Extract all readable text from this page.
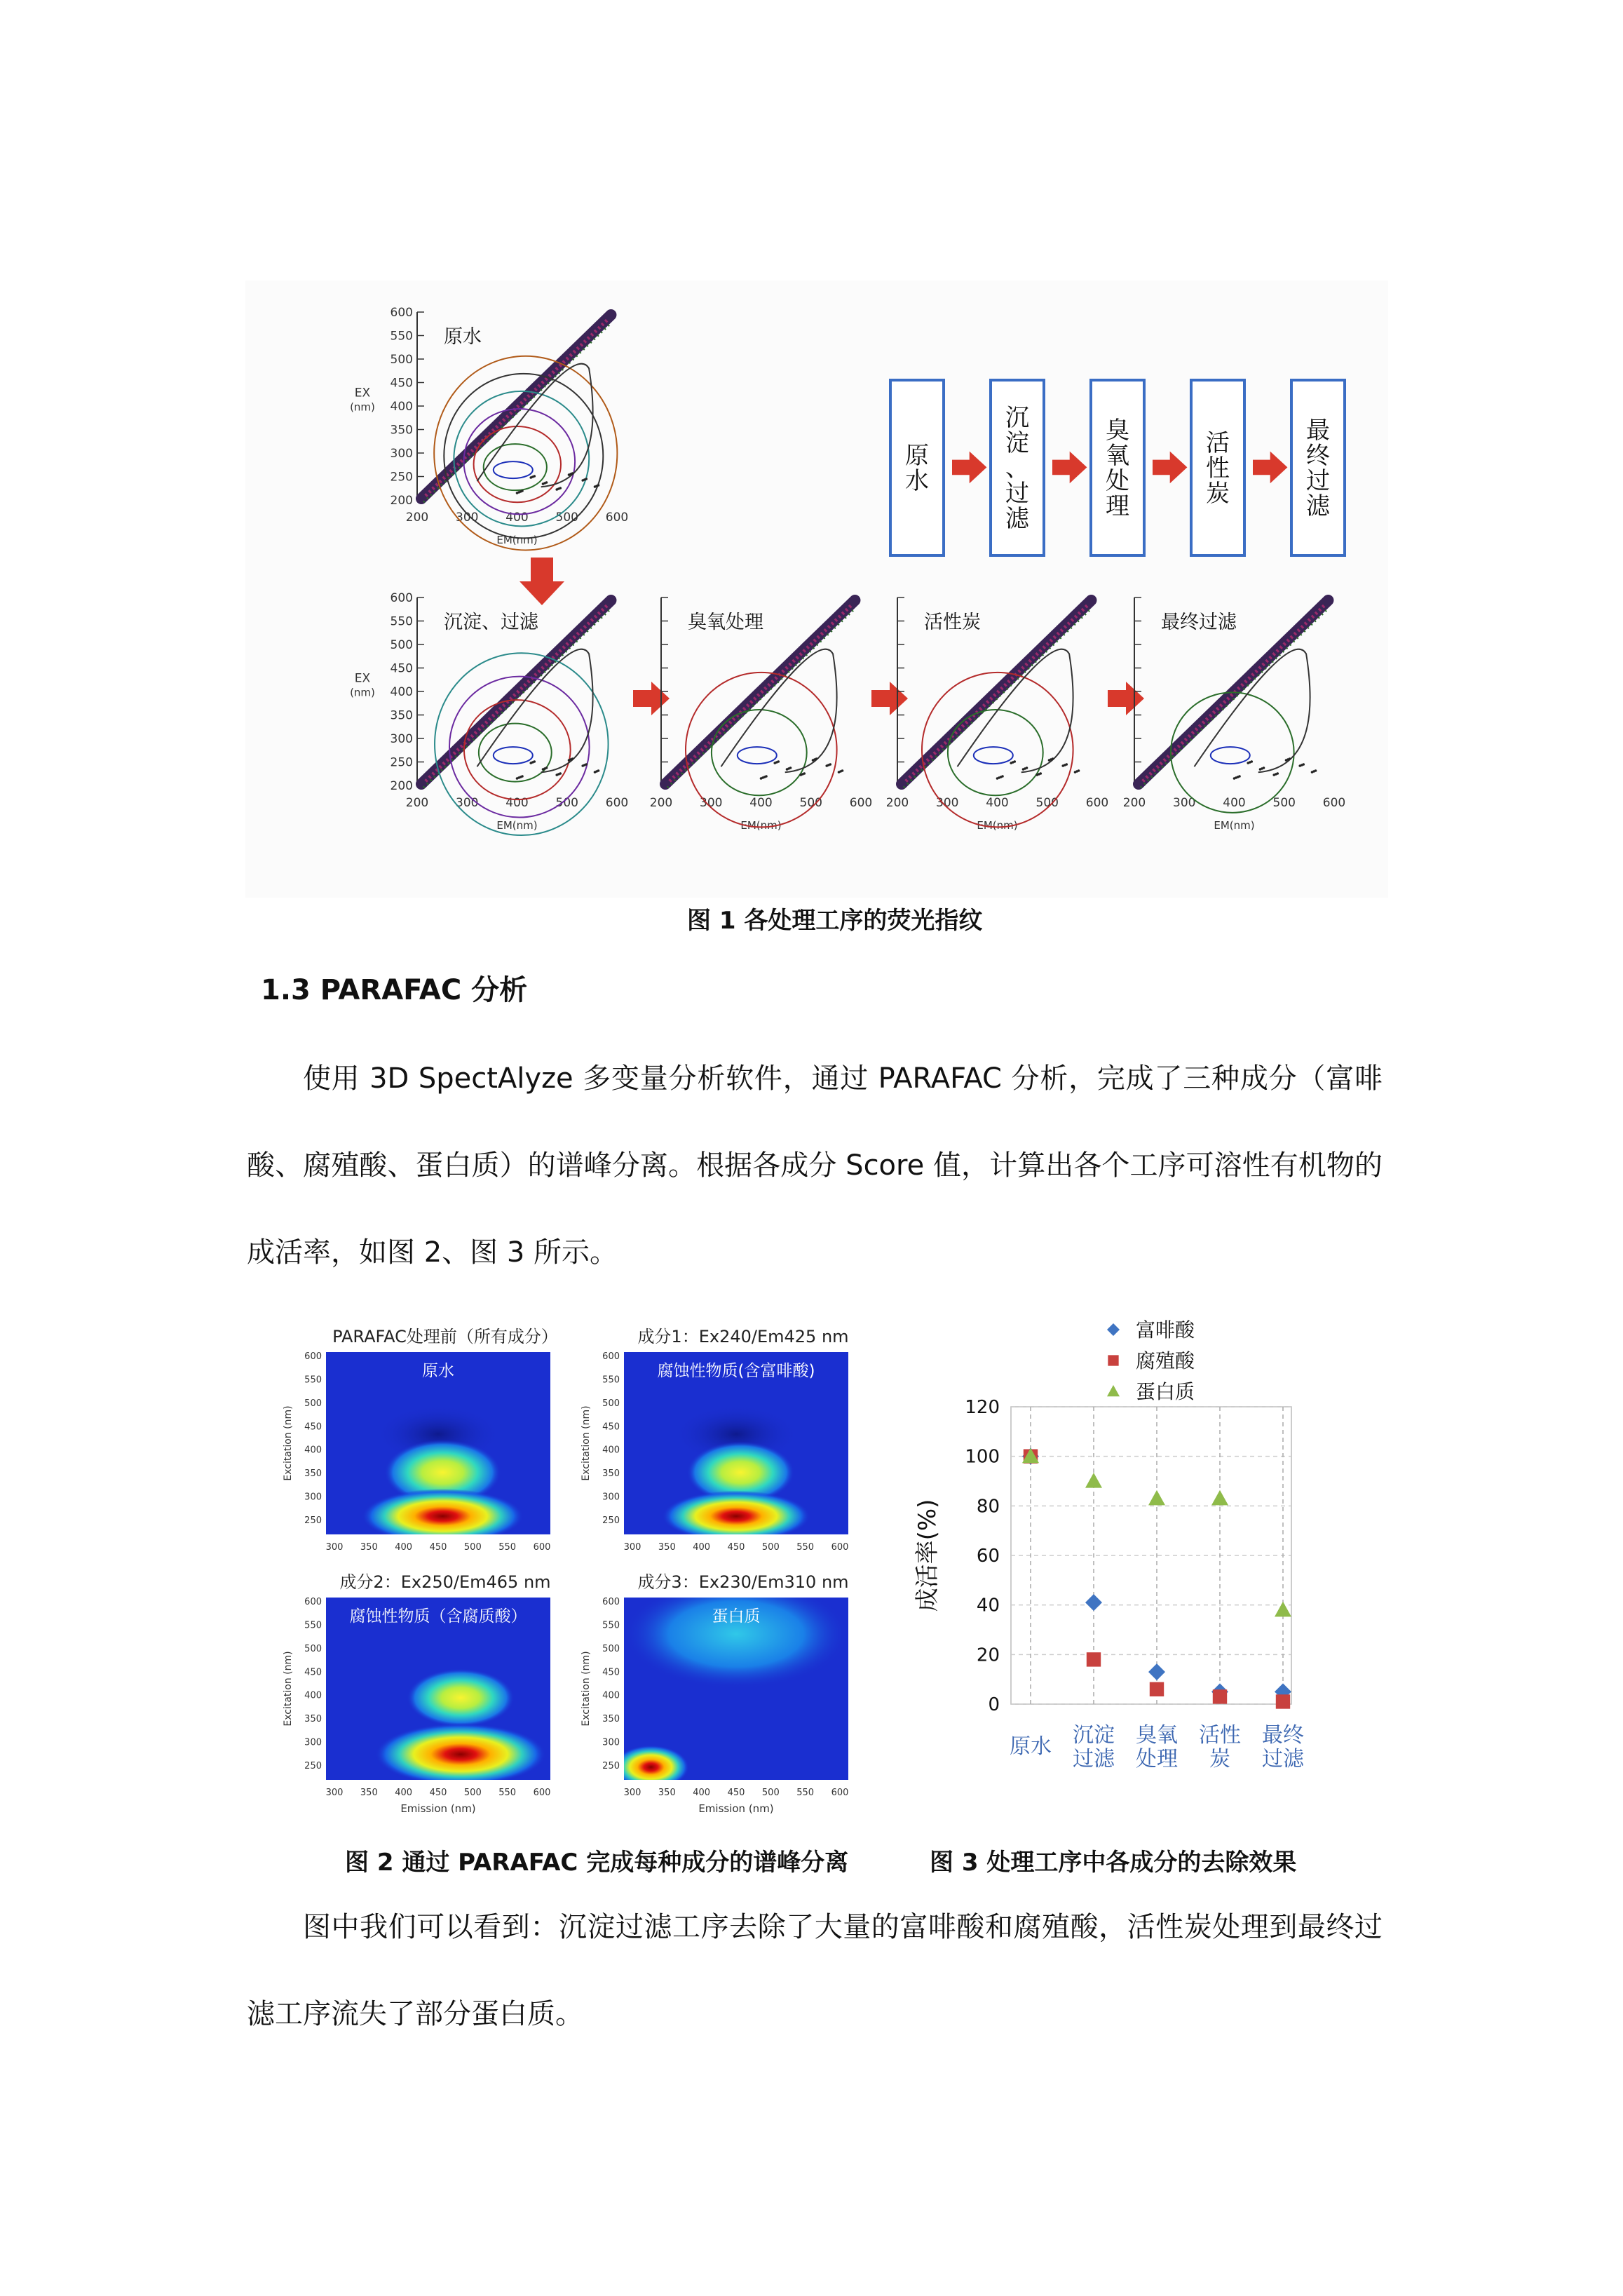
600
550
500
450
400
350
300
250
200
200 300 400 500 600
EM(nm)
EX
(nm)
原水
600
550
500
450
400
350
300
250
200
200 300 400 500 600
EM(nm)
EX
(nm)
沉淀、过滤
200 300 400 500 600
EM(nm)
臭氧处理
200 300 400 500 600
EM(nm)
活性炭
200 300 400 500 600
EM(nm)
最终过滤
原水
沉淀、过滤
臭氧处理
活性炭
最终过滤
图 1 各处理工序的荧光指纹
1.3 PARAFAC 分析

使用 3D SpectAlyze 多变量分析软件，通过 PARAFAC 分析，完成了三种成分（富啡酸、腐殖酸、蛋白质）的谱峰分离。根据各成分 Score 值，计算出各个工序可溶性有机物的成活率，如图 2、图 3 所示。

PARAFAC处理前（所有成分）
原水
600
550
500
450
400
350
300
250
300 350 400 450 500 550 600
Excitation (nm)
成分1：Ex240/Em425 nm
腐蚀性物质(含富啡酸)
600
550
500
450
400
350
300
250
300 350 400 450 500 550 600
Excitation (nm)
成分2：Ex250/Em465 nm
腐蚀性物质（含腐质酸）
600
550
500
450
400
350
300
250
300 350 400 450 500 550 600
Excitation (nm)
Emission (nm)
成分3：Ex230/Em310 nm
蛋白质
600
550
500
450
400
350
300
250
300 350 400 450 500 550 600
Excitation (nm)
Emission (nm)
图 2 通过 PARAFAC 完成每种成分的谱峰分离
120
100
80
60
40
20
0
原水 沉淀过滤
臭氧处理
活性炭
最终过滤
成活率(%)
富啡酸
腐殖酸
蛋白质
图 3 处理工序中各成分的去除效果

图中我们可以看到：沉淀过滤工序去除了大量的富啡酸和腐殖酸，活性炭处理到最终过滤工序流失了部分蛋白质。
